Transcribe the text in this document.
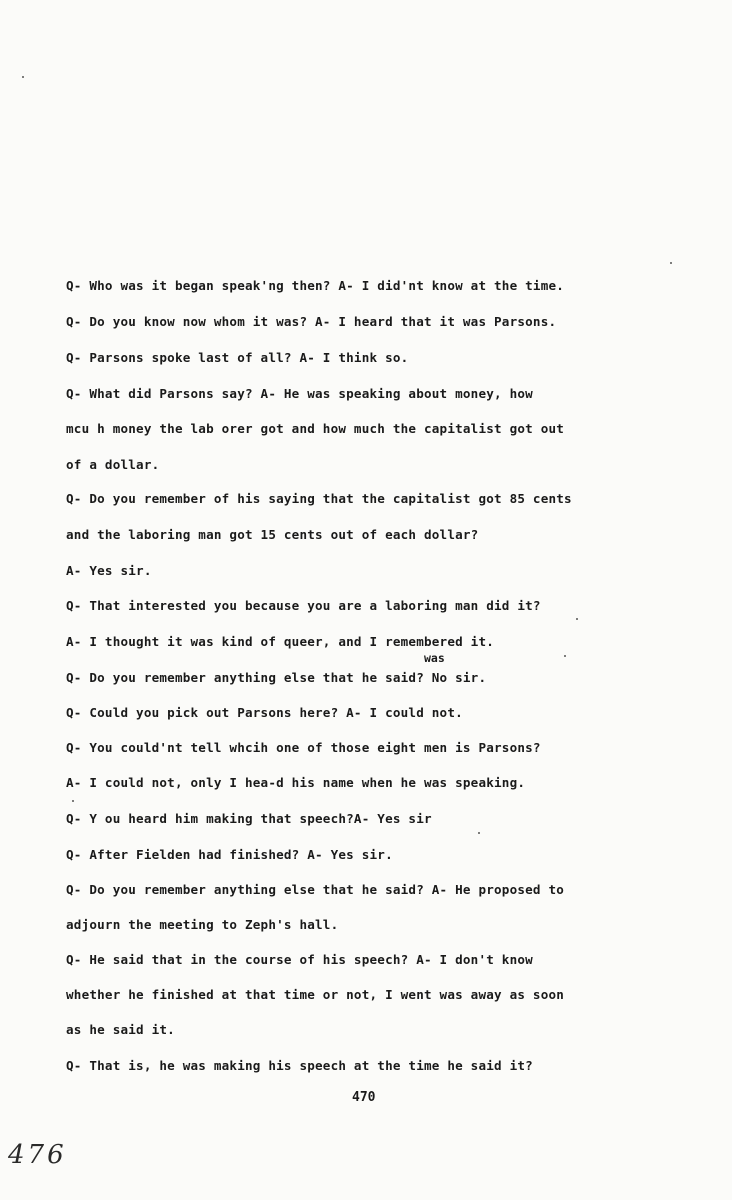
Q- Who was it began speak'ng then? A- I did'nt know at the time.
Q- Do you know now whom it was? A- I heard that it was Parsons.
Q- Parsons spoke last of all? A- I think so.
Q- What did Parsons say? A- He was speaking about money, how
mcu h money the lab orer got and how much the capitalist got out
of a dollar.
Q- Do you remember of his saying that the capitalist got 85 cents
and the laboring man got 15 cents out of each dollar?
A- Yes sir.
Q- That interested you because you are a laboring man did it?
A- I thought it was kind of queer, and I remembered it.
was
Q- Do you remember anything else that he said? No sir.
Q- Could you pick out Parsons here? A- I could not.
Q- You could'nt tell whcih one of those eight men is Parsons?
A- I could not, only I hea-d his name when he was speaking.
Q- Y ou heard him making that speech?A- Yes sir
Q- After Fielden had finished? A- Yes sir.
Q- Do you remember anything else that he said? A- He proposed to
adjourn the meeting to Zeph's hall.
Q- He said that in the course of his speech? A- I don't know
whether he finished at that time or not, I went was away as soon
as he said it.
Q- That is, he was making his speech at the time he said it?
470
476
